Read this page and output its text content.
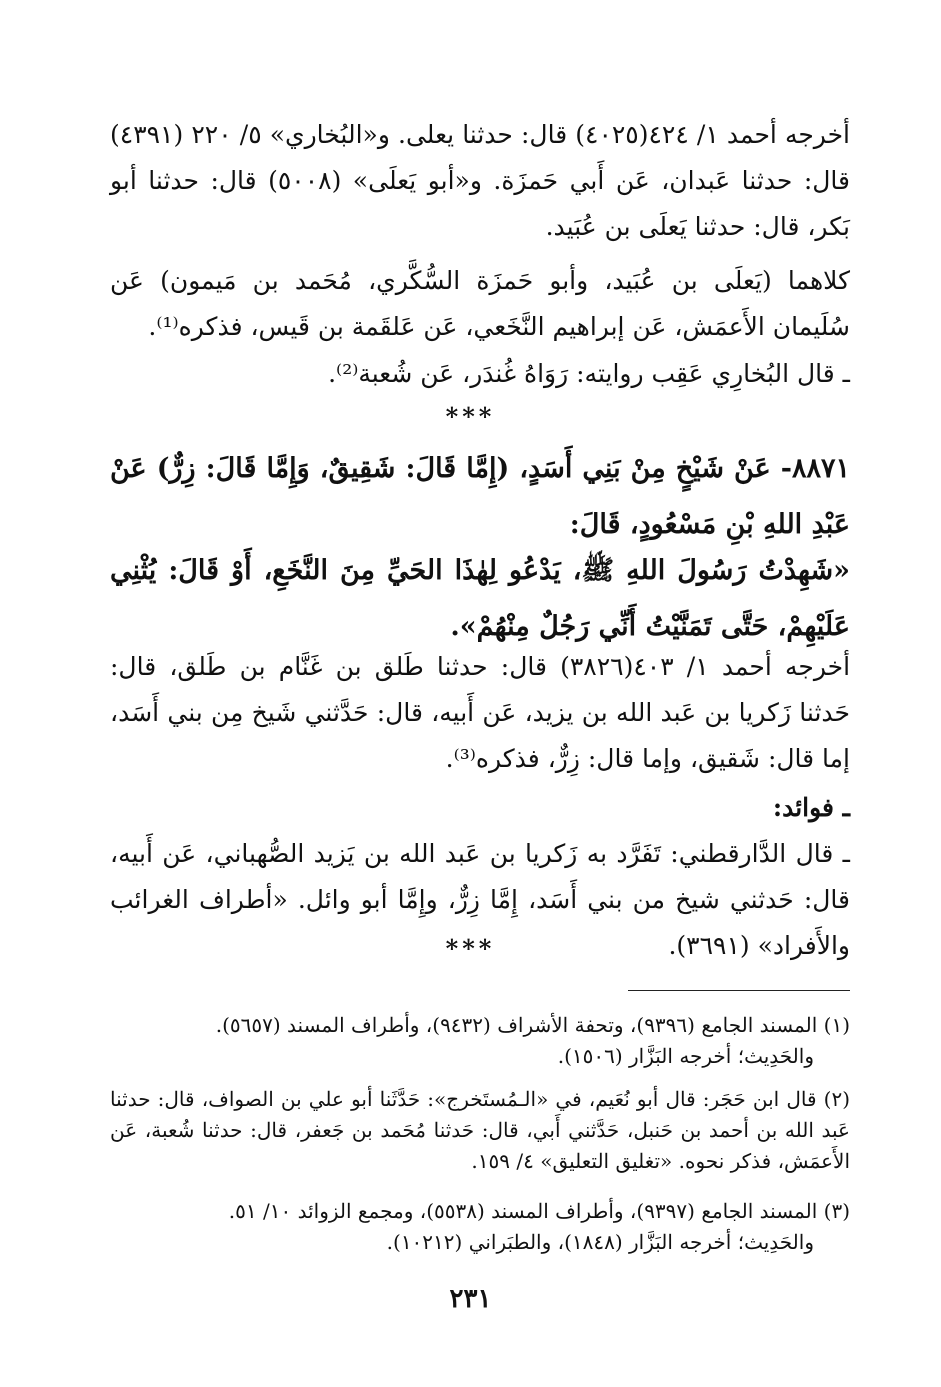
أخرجه أحمد ١/ ٤٢٤(٤٠٢٥) قال: حدثنا يعلى. و«البُخاري» ٥/ ٢٢٠ (٤٣٩١) قال: حدثنا عَبدان، عَن أَبي حَمزَة. و«أبو يَعلَى» (٥٠٠٨) قال: حدثنا أبو بَكر، قال: حدثنا يَعلَى بن عُبَيد.

كلاهما (يَعلَى بن عُبَيد، وأبو حَمزَة السُّكَّري، مُحَمد بن مَيمون) عَن سُلَيمان الأَعمَش، عَن إبراهيم النَّخَعي، عَن عَلقَمة بن قَيس، فذكره⁽¹⁾.

ـ قال البُخارِي عَقِب روايته: رَوَاهُ غُندَر، عَن شُعبة⁽²⁾.

***

٨٨٧١- عَنْ شَيْخٍ مِنْ بَنِي أَسَدٍ، (إِمَّا قَالَ: شَقِيقٌ، وَإِمَّا قَالَ: زِرٌّ) عَنْ عَبْدِ اللهِ بْنِ مَسْعُودٍ، قَالَ:

«شَهِدْتُ رَسُولَ اللهِ ﷺ، يَدْعُو لِهٰذَا الحَيِّ مِنَ النَّخَعِ، أَوْ قَالَ: يُثْنِي عَلَيْهِمْ، حَتَّى تَمَنَّيْتُ أَنِّي رَجُلٌ مِنْهُمْ».

أخرجه أحمد ١/ ٤٠٣(٣٨٢٦) قال: حدثنا طَلق بن غَنَّام بن طَلق، قال: حَدثنا زَكريا بن عَبد الله بن يزيد، عَن أَبيه، قال: حَدَّثني شَيخ مِن بني أَسَد، إما قال: شَقيق، وإما قال: زِرٌّ، فذكره⁽³⁾.

ـ فوائد:

ـ قال الدَّارقطني: تَفَرَّد به زَكريا بن عَبد الله بن يَزيد الصُّهباني، عَن أَبيه، قال: حَدثني شيخ من بني أَسَد، إِمَّا زِرٌّ، وإِمَّا أبو وائل. «أطراف الغرائب والأَفراد» (٣٦٩١).

***
(١) المسند الجامع (٩٣٩٦)، وتحفة الأشراف (٩٤٣٢)، وأطراف المسند (٥٦٥٧).
والحَدِيث؛ أخرجه البَزَّار (١٥٠٦).
(٢) قال ابن حَجَر: قال أبو نُعَيم، في «الـمُستَخرج»: حَدَّثَنا أبو علي بن الصواف، قال: حدثنا عَبد الله بن أحمد بن حَنبل، حَدَّثني أَبي، قال: حَدثنا مُحَمد بن جَعفر، قال: حدثنا شُعبة، عَن الأَعمَش، فذكر نحوه. «تغليق التعليق» ٤/ ١٥٩.
(٣) المسند الجامع (٩٣٩٧)، وأطراف المسند (٥٥٣٨)، ومجمع الزوائد ١٠/ ٥١.
والحَدِيث؛ أخرجه البَزَّار (١٨٤٨)، والطبَراني (١٠٢١٢).
٢٣١
